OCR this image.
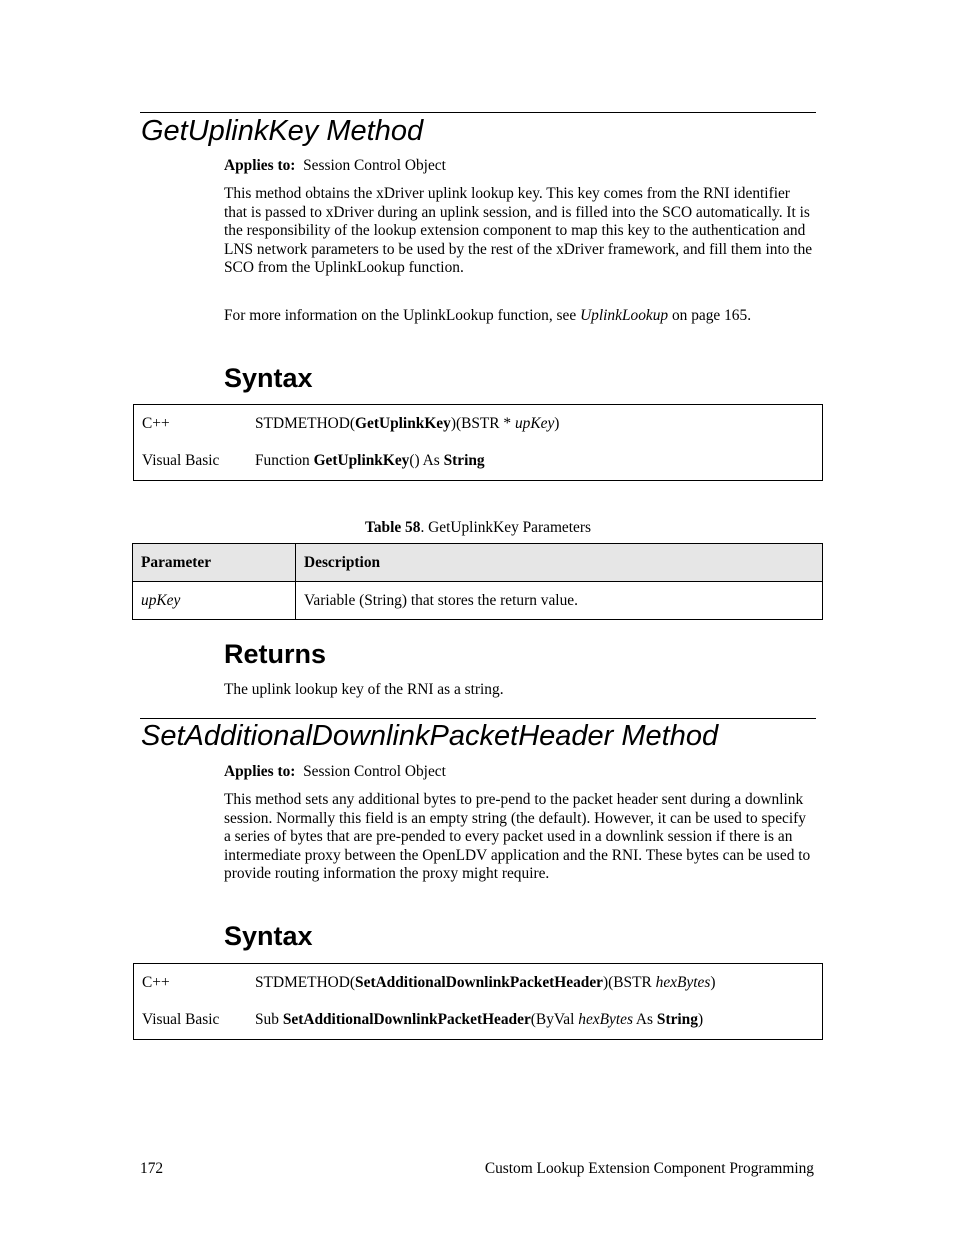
GetUplinkKey Method

Applies to: Session Control Object

This method obtains the xDriver uplink lookup key. This key comes from the RNI identifier that is passed to xDriver during an uplink session, and is filled into the SCO automatically. It is the responsibility of the lookup extension component to map this key to the authentication and LNS network parameters to be used by the rest of the xDriver framework, and fill them into the SCO from the UplinkLookup function.

For more information on the UplinkLookup function, see UplinkLookup on page 165.

Syntax
C++	STDMETHOD(GetUplinkKey)(BSTR * upKey)
Visual Basic Function GetUplinkKey() As String
Table 58. GetUplinkKey Parameters
Parameter	Description
upKey	Variable (String) that stores the return value.
Returns

The uplink lookup key of the RNI as a string.

SetAdditionalDownlinkPacketHeader Method

Applies to: Session Control Object

This method sets any additional bytes to pre-pend to the packet header sent during a downlink session. Normally this field is an empty string (the default). However, it can be used to specify a series of bytes that are pre-pended to every packet used in a downlink session if there is an intermediate proxy between the OpenLDV application and the RNI. These bytes can be used to provide routing information the proxy might require.

Syntax
C++	STDMETHOD(SetAdditionalDownlinkPacketHeader)(BSTR hexBytes)
Visual Basic Sub SetAdditionalDownlinkPacketHeader(ByVal hexBytes As String)
172	Custom Lookup Extension Component Programming
